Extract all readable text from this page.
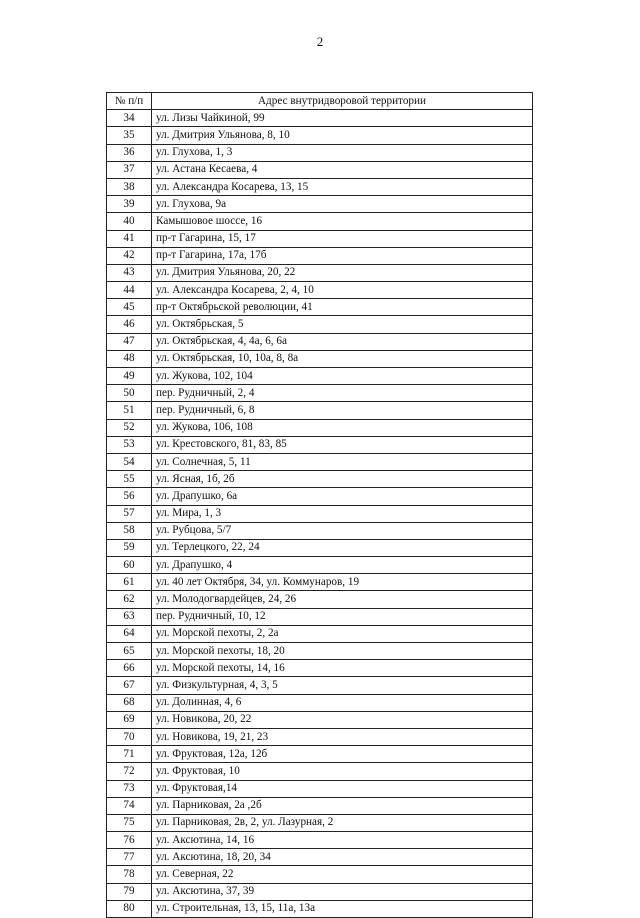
2
№ п/п	Адрес внутридворовой территории
34	ул. Лизы Чайкиной, 99
35	ул. Дмитрия Ульянова, 8, 10
36	ул. Глухова, 1, 3
37	ул. Астана Кесаева, 4
38	ул. Александра Косарева, 13, 15
39	ул. Глухова, 9а
40	Камышовое шоссе, 16
41	пр-т Гагарина, 15, 17
42	пр-т Гагарина, 17а, 17б
43	ул. Дмитрия Ульянова, 20, 22
44	ул. Александра Косарева, 2, 4, 10
45	пр-т Октябрьской революции, 41
46	ул. Октябрьская, 5
47	ул. Октябрьская, 4, 4а, 6, 6а
48	ул. Октябрьская, 10, 10а, 8, 8а
49	ул. Жукова, 102, 104
50	пер. Рудничный, 2, 4
51	пер. Рудничный, 6, 8
52	ул. Жукова, 106, 108
53	ул. Крестовского, 81, 83, 85
54	ул. Солнечная, 5, 11
55	ул. Ясная, 1б, 2б
56	ул. Драпушко, 6а
57	ул. Мира, 1, 3
58	ул. Рубцова, 5/7
59	ул. Терлецкого, 22, 24
60	ул. Драпушко, 4
61	ул. 40 лет Октября, 34, ул. Коммунаров, 19
62	ул. Молодогвардейцев, 24, 26
63	пер. Рудничный, 10, 12
64	ул. Морской пехоты, 2, 2а
65	ул. Морской пехоты, 18, 20
66	ул. Морской пехоты, 14, 16
67	ул. Физкультурная, 4, 3, 5
68	ул. Долинная, 4, 6
69	ул. Новикова, 20, 22
70	ул. Новикова, 19, 21, 23
71	ул. Фруктовая, 12а, 12б
72	ул. Фруктовая, 10
73	ул. Фруктовая,14
74	ул. Парниковая, 2а ,2б
75	ул. Парниковая, 2в, 2, ул. Лазурная, 2
76	ул. Аксютина, 14, 16
77	ул. Аксютина, 18, 20, 34
78	ул. Северная, 22
79	ул. Аксютина, 37, 39
80	ул. Строительная, 13, 15, 11а, 13а
